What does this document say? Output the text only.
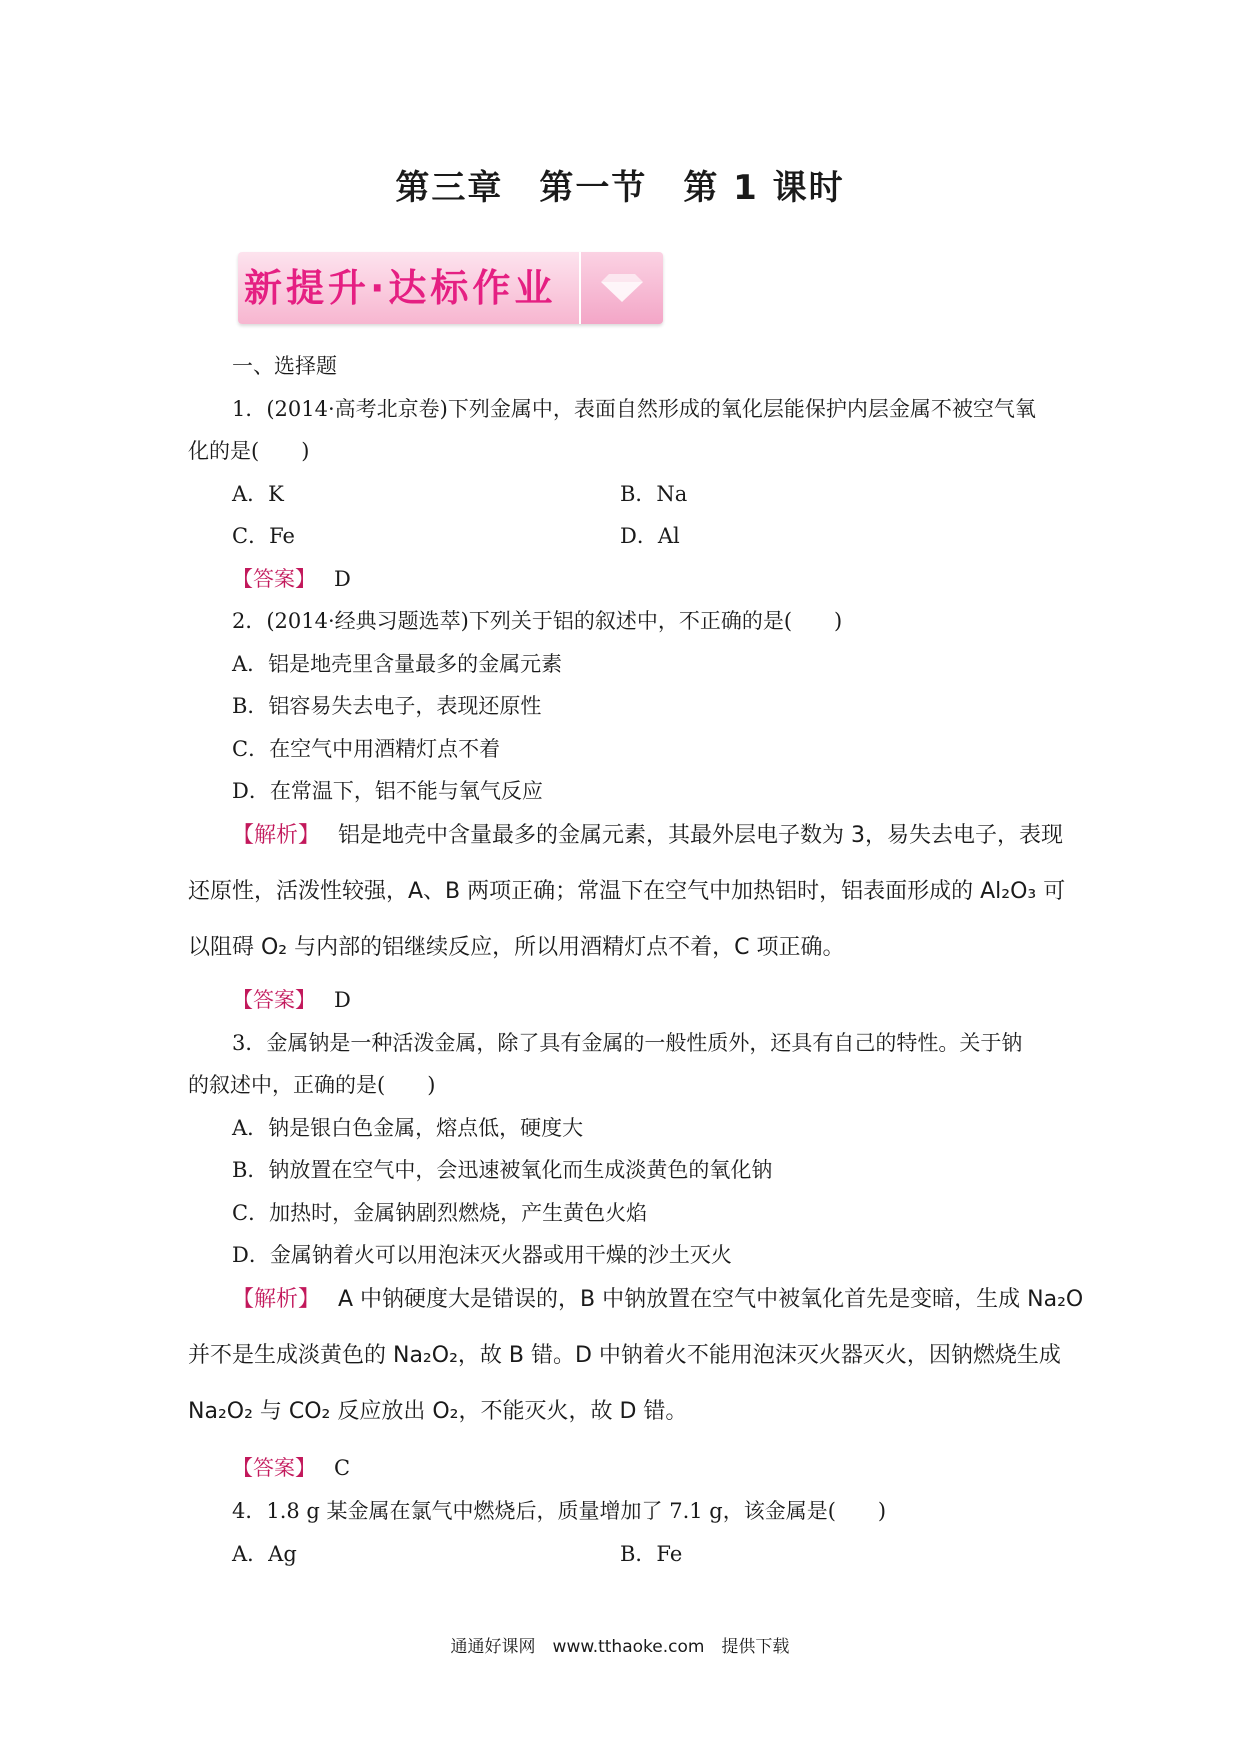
第三章　第一节　第 1 课时
新提升·达标作业
一、选择题
1．(2014·高考北京卷)下列金属中，表面自然形成的氧化层能保护内层金属不被空气氧
化的是(　　)
A．K	B．Na
C．Fe	D．Al
【答案】 D
2．(2014·经典习题选萃)下列关于铝的叙述中，不正确的是(　　)
A．铝是地壳里含量最多的金属元素
B．铝容易失去电子，表现还原性
C．在空气中用酒精灯点不着
D．在常温下，铝不能与氧气反应
【解析】 铝是地壳中含量最多的金属元素，其最外层电子数为 3，易失去电子，表现
还原性，活泼性较强，A、B 两项正确；常温下在空气中加热铝时，铝表面形成的 Al₂O₃ 可
以阻碍 O₂ 与内部的铝继续反应，所以用酒精灯点不着，C 项正确。
【答案】 D
3．金属钠是一种活泼金属，除了具有金属的一般性质外，还具有自己的特性。关于钠
的叙述中，正确的是(　　)
A．钠是银白色金属，熔点低，硬度大
B．钠放置在空气中，会迅速被氧化而生成淡黄色的氧化钠
C．加热时，金属钠剧烈燃烧，产生黄色火焰
D．金属钠着火可以用泡沫灭火器或用干燥的沙土灭火
【解析】 A 中钠硬度大是错误的，B 中钠放置在空气中被氧化首先是变暗，生成 Na₂O
并不是生成淡黄色的 Na₂O₂，故 B 错。D 中钠着火不能用泡沫灭火器灭火，因钠燃烧生成
Na₂O₂ 与 CO₂ 反应放出 O₂，不能灭火，故 D 错。
【答案】 C
4．1.8 g 某金属在氯气中燃烧后，质量增加了 7.1 g，该金属是(　　)
A．Ag	B．Fe
通通好课网　www.tthaoke.com　提供下载
